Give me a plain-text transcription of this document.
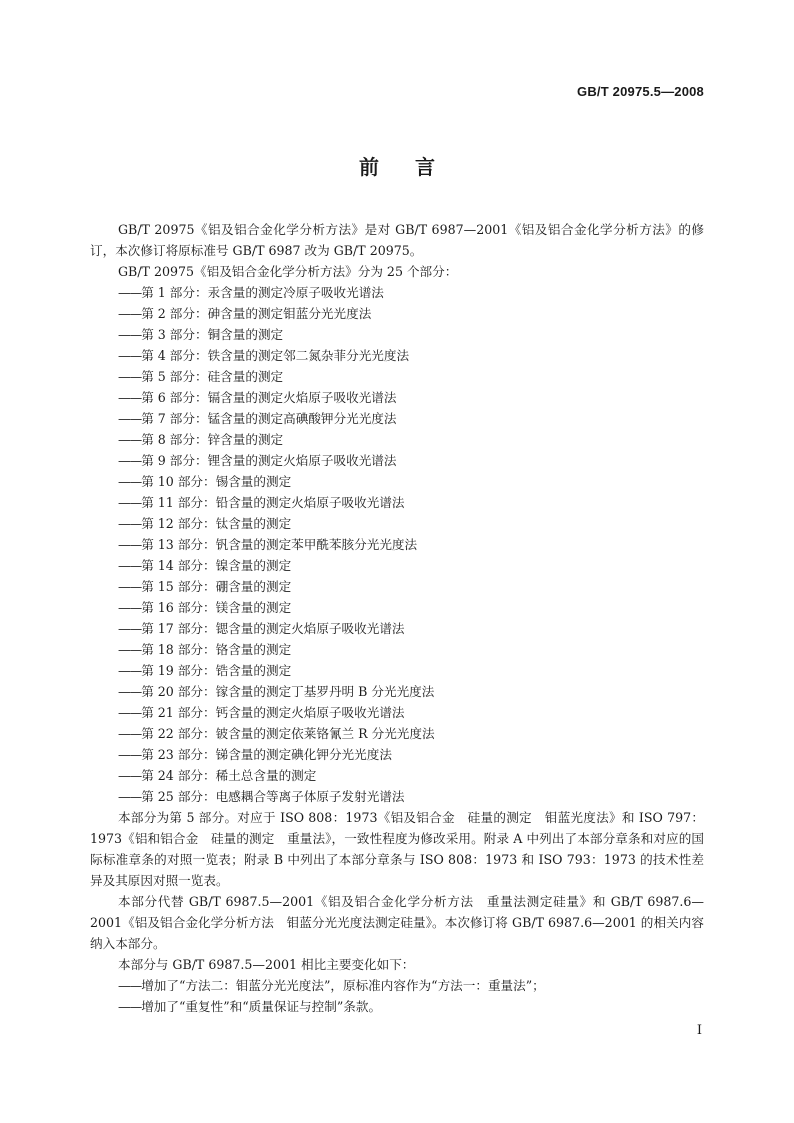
GB/T 20975.5—2008
前言

GB/T 20975《铝及铝合金化学分析方法》是对 GB/T 6987—2001《铝及铝合金化学分析方法》的修订，本次修订将原标准号 GB/T 6987 改为 GB/T 20975。

GB/T 20975《铝及铝合金化学分析方法》分为 25 个部分：

——第 1 部分：汞含量的测定冷原子吸收光谱法

——第 2 部分：砷含量的测定钼蓝分光光度法

——第 3 部分：铜含量的测定

——第 4 部分：铁含量的测定邻二氮杂菲分光光度法

——第 5 部分：硅含量的测定

——第 6 部分：镉含量的测定火焰原子吸收光谱法

——第 7 部分：锰含量的测定高碘酸钾分光光度法

——第 8 部分：锌含量的测定

——第 9 部分：锂含量的测定火焰原子吸收光谱法

——第 10 部分：锡含量的测定

——第 11 部分：铅含量的测定火焰原子吸收光谱法

——第 12 部分：钛含量的测定

——第 13 部分：钒含量的测定苯甲酰苯胲分光光度法

——第 14 部分：镍含量的测定

——第 15 部分：硼含量的测定

——第 16 部分：镁含量的测定

——第 17 部分：锶含量的测定火焰原子吸收光谱法

——第 18 部分：铬含量的测定

——第 19 部分：锆含量的测定

——第 20 部分：镓含量的测定丁基罗丹明 B 分光光度法

——第 21 部分：钙含量的测定火焰原子吸收光谱法

——第 22 部分：铍含量的测定依莱铬氰兰 R 分光光度法

——第 23 部分：锑含量的测定碘化钾分光光度法

——第 24 部分：稀土总含量的测定

——第 25 部分：电感耦合等离子体原子发射光谱法

本部分为第 5 部分。对应于 ISO 808：1973《铝及铝合金　硅量的测定　钼蓝光度法》和 ISO 797：1973《铝和铝合金　硅量的测定　重量法》，一致性程度为修改采用。附录 A 中列出了本部分章条和对应的国际标准章条的对照一览表；附录 B 中列出了本部分章条与 ISO 808：1973 和 ISO 793：1973 的技术性差异及其原因对照一览表。

本部分代替 GB/T 6987.5—2001《铝及铝合金化学分析方法　重量法测定硅量》和 GB/T 6987.6—2001《铝及铝合金化学分析方法　钼蓝分光光度法测定硅量》。本次修订将 GB/T 6987.6—2001 的相关内容纳入本部分。

本部分与 GB/T 6987.5—2001 相比主要变化如下：

——增加了“方法二：钼蓝分光光度法”，原标准内容作为“方法一：重量法”；

——增加了“重复性”和“质量保证与控制”条款。

I
